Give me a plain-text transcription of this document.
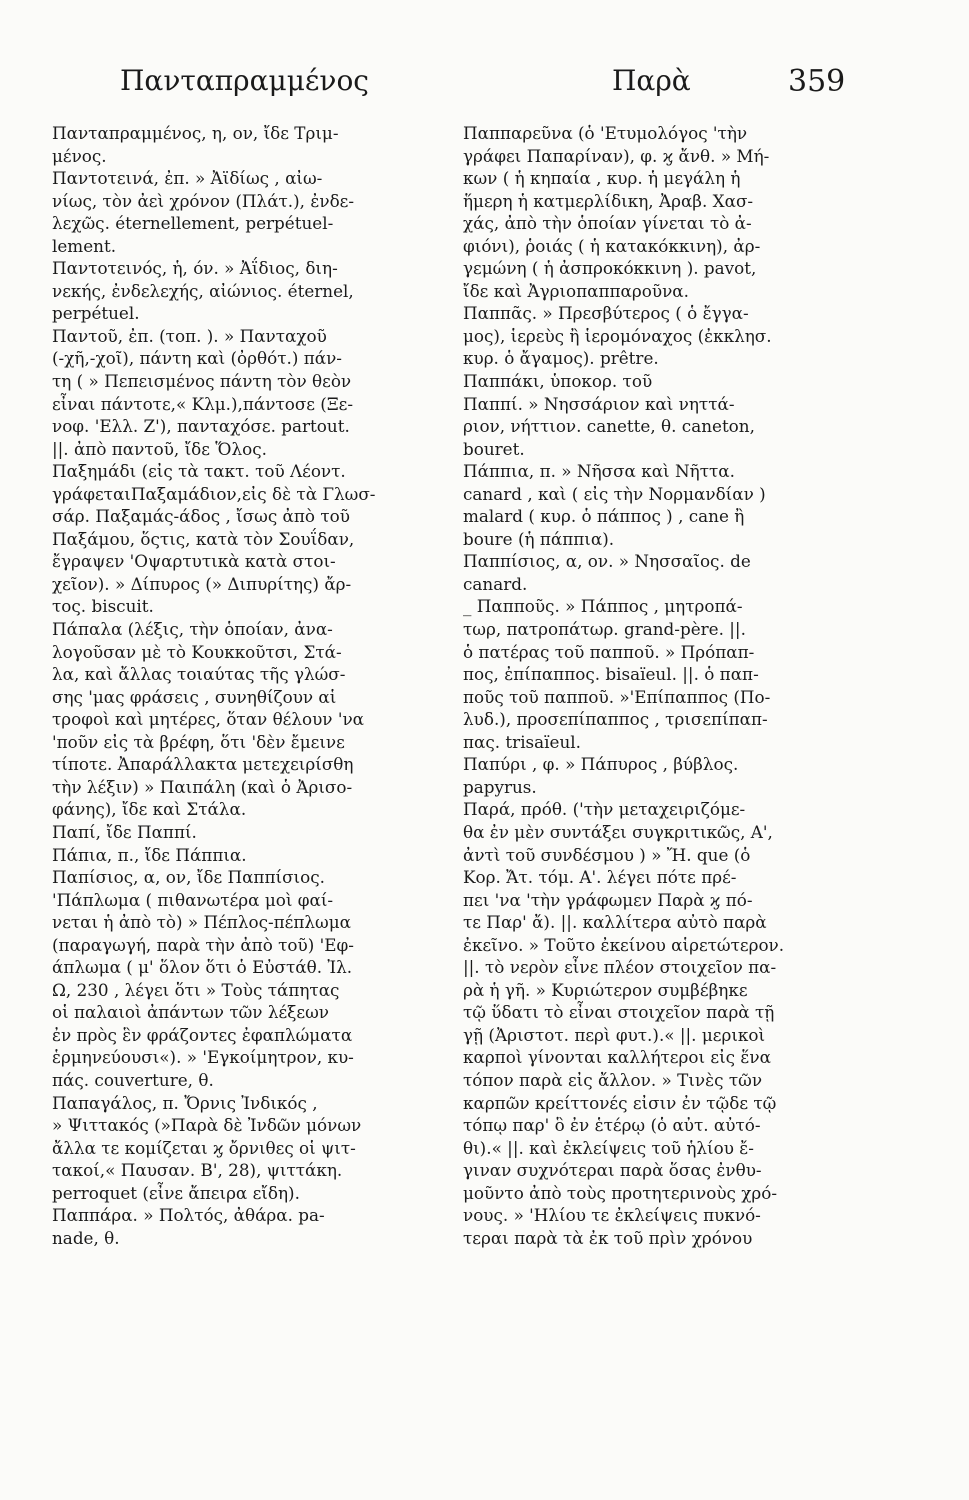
Πανταπραμμένος	Παρὰ	359
Πανταπραμμένος, η, ον, ἴδε Τριμ-
μένος.
Παντοτεινά, ἐπ. » Ἀϊδίως , αἰω-
νίως, τὸν ἀεὶ χρόνον (Πλάτ.), ἐνδε-
λεχῶς. éternellement, perpétuel-
lement.
Παντοτεινός, ἡ, όν. » Ἀΐδιος, διη-
νεκής, ἐνδελεχής, αἰώνιος. éternel,
perpétuel.
Παντοῦ, ἐπ. (τοπ. ). » Πανταχοῦ
(-χῆ,-χοῖ), πάντη καὶ (ὀρθότ.) πάν-
τη ( » Πεπεισμένος πάντη τὸν θεὸν
εἶναι πάντοτε,« Κλμ.),πάντοσε (Ξε-
νοφ. 'Ελλ. Ζ'), πανταχόσε. partout.
||. ἀπὸ παντοῦ, ἴδε Ὅλος.
Παξημάδι (εἰς τὰ τακτ. τοῦ Λέοντ.
γράφεταιΠαξαμάδιον,εἰς δὲ τὰ Γλωσ-
σάρ. Παξαμάς-άδος , ἴσως ἀπὸ τοῦ
Παξάμου, ὅςτις, κατὰ τὸν Σουΐδαν,
ἔγραψεν 'Οψαρτυτικὰ κατὰ στοι-
χεῖον). » Δίπυρος (» Διπυρίτης) ἄρ-
τος. biscuit.
Πάπαλα (λέξις, τὴν ὁποίαν, ἀνα-
λογοῦσαν μὲ τὸ Κουκκοῦτσι, Στά-
λα, καὶ ἄλλας τοιαύτας τῆς γλώσ-
σης 'μας φράσεις , συνηθίζουν αἱ
τροφοὶ καὶ μητέρες, ὅταν θέλουν 'να
'ποῦν εἰς τὰ βρέφη, ὅτι 'δὲν ἔμεινε
τίποτε. Ἀπαράλλακτα μετεχειρίσθη
τὴν λέξιν) » Παιπάλη (καὶ ὁ Ἀρισο-
φάνης), ἴδε καὶ Στάλα.
Παπί, ἴδε Παππί.
Πάπια, π., ἴδε Πάππια.
Παπίσιος, α, ον, ἴδε Παππίσιος.
'Πάπλωμα ( πιθανωτέρα μοὶ φαί-
νεται ἡ ἀπὸ τὸ) » Πέπλος-πέπλωμα
(παραγωγή, παρὰ τὴν ἀπὸ τοῦ) 'Εφ-
άπλωμα ( μ' ὅλον ὅτι ὁ Εὐστάθ. Ἰλ.
Ω, 230 , λέγει ὅτι » Τοὺς τάπητας
οἱ παλαιοὶ ἀπάντων τῶν λέξεων
ἐν πρὸς ἓν φράζοντες ἐφαπλώματα
ἑρμηνεύουσι«). » 'Εγκοίμητρον, κυ-
πάς. couverture, θ.
Παπαγάλος, π. Ὄρνις Ἰνδικός ,
» Ψιττακός (»Παρὰ δὲ Ἰνδῶν μόνων
ἄλλα τε κομίζεται ϗ ὄρνιθες οἱ ψιτ-
τακοί,« Παυσαν. Β', 28), ψιττάκη.
perroquet (εἶνε ἄπειρα εἴδη).
Παππάρα. » Πολτός, ἀθάρα. pa-
nade, θ.
Παππαρεῦνα (ὁ 'Ετυμολόγος 'τὴν
γράφει Παπαρίναν), φ. ϗ ἄνθ. » Μή-
κων ( ἡ κηπαία , κυρ. ἡ μεγάλη ἡ
ἥμερη ἡ κατμερλίδικη, Ἀραβ. Χασ-
χάς, ἀπὸ τὴν ὁποίαν γίνεται τὸ ἀ-
φιόνι), ῥοιάς ( ἡ κατακόκκινη), ἀρ-
γεμώνη ( ἡ ἀσπροκόκκινη ). pavot,
ἴδε καὶ Ἀγριοπαππαροῦνα.
Παππᾶς. » Πρεσβύτερος ( ὁ ἔγγα-
μος), ἱερεὺς ἢ ἱερομόναχος (ἐκκλησ.
κυρ. ὁ ἄγαμος). prêtre.
Παππάκι, ὑποκορ. τοῦ
Παππί. » Νησσάριον καὶ νηττά-
ριον, νήττιον. canette, θ. caneton,
bouret.
Πάππια, π. » Νῆσσα καὶ Νῆττα.
canard , καὶ ( εἰς τὴν Νορμανδίαν )
malard ( κυρ. ὁ πάππος ) , cane ἢ
boure (ἡ πάππια).
Παππίσιος, α, ον. » Νησσαῖος. de
canard.
_ Παπποῦς. » Πάππος , μητροπά-
τωρ, πατροπάτωρ. grand-père. ||.
ὁ πατέρας τοῦ παπποῦ. » Πρόπαπ-
πος, ἐπίπαππος. bisaïeul. ||. ὁ παπ-
ποῦς τοῦ παπποῦ. »'Επίπαππος (Πο-
λυδ.), προσεπίπαππος , τρισεπίπαπ-
πας. trisaïeul.
Παπύρι , φ. » Πάπυρος , βύβλος.
papyrus.
Παρά, πρόθ. ('τὴν μεταχειριζόμε-
θα ἐν μὲν συντάξει συγκριτικῶς, Α',
ἀντὶ τοῦ συνδέσμου ) » Ἤ. que (ὁ
Κορ. Ἄτ. τόμ. Α'. λέγει πότε πρέ-
πει 'να 'τὴν γράφωμεν Παρὰ ϗ πό-
τε Παρ' ἄ). ||. καλλίτερα αὐτὸ παρὰ
ἐκεῖνο. » Τοῦτο ἐκείνου αἱρετώτερον.
||. τὸ νερὸν εἶνε πλέον στοιχεῖον πα-
ρὰ ἡ γῆ. » Κυριώτερον συμβέβηκε
τῷ ὕδατι τὸ εἶναι στοιχεῖον παρὰ τῇ
γῇ (Ἀριστοτ. περὶ φυτ.).« ||. μερικοὶ
καρποὶ γίνονται καλλήτεροι εἰς ἕνα
τόπον παρὰ εἰς ἄλλον. » Τινὲς τῶν
καρπῶν κρείττονές εἰσιν ἐν τῷδε τῷ
τόπῳ παρ' ὃ ἐν ἑτέρῳ (ὁ αὐτ. αὐτό-
θι).« ||. καὶ ἐκλείψεις τοῦ ἡλίου ἔ-
γιναν συχνότεραι παρὰ ὅσας ἐνθυ-
μοῦντο ἀπὸ τοὺς προτητερινοὺς χρό-
νους. » 'Ηλίου τε ἐκλείψεις πυκνό-
τεραι παρὰ τὰ ἐκ τοῦ πρὶν χρόνου
